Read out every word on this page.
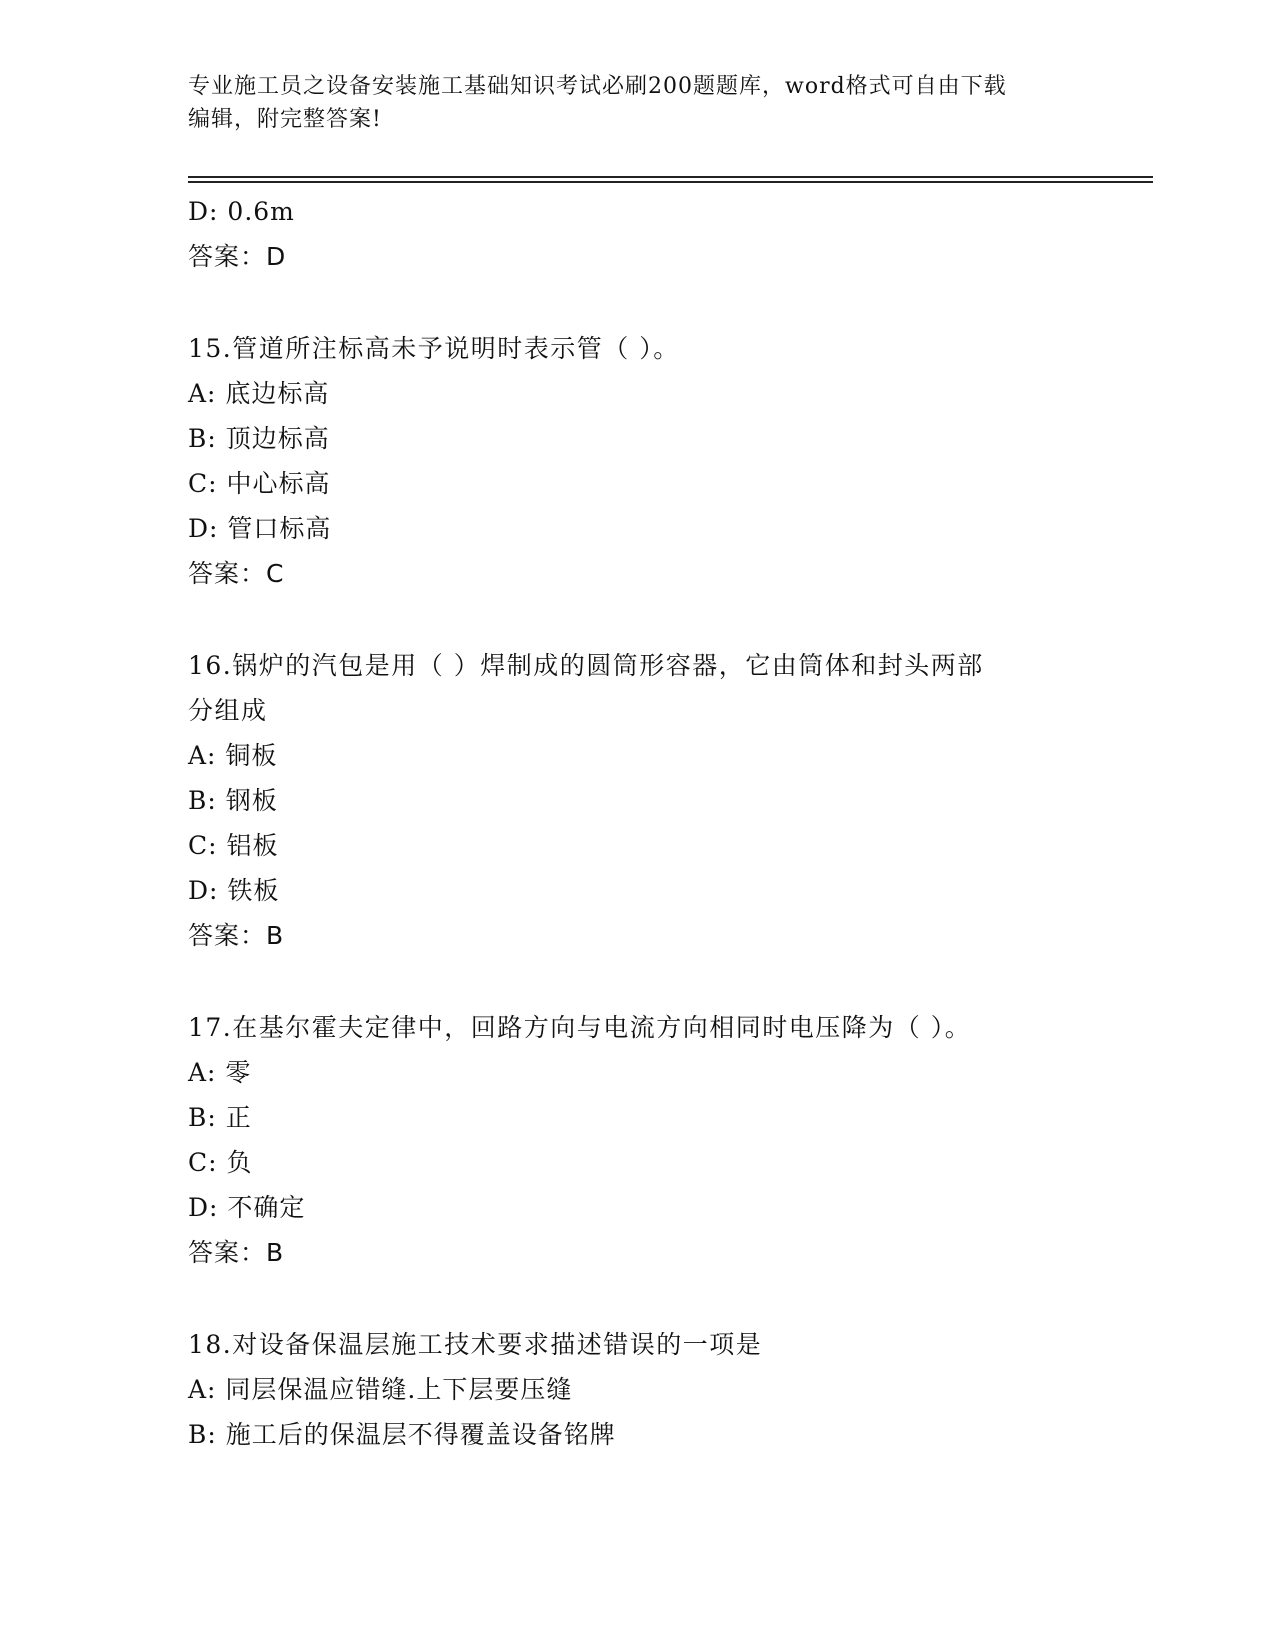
专业施工员之设备安装施工基础知识考试必刷200题题库，word格式可自由下载
编辑，附完整答案!
D: 0.6m
答案：D
15.管道所注标高未予说明时表示管（ ）。
A: 底边标高
B: 顶边标高
C: 中心标高
D: 管口标高
答案：C
16.锅炉的汽包是用（ ）焊制成的圆筒形容器，它由筒体和封头两部
分组成
A: 铜板
B: 钢板
C: 铝板
D: 铁板
答案：B
17.在基尔霍夫定律中，回路方向与电流方向相同时电压降为（ ）。
A: 零
B: 正
C: 负
D: 不确定
答案：B
18.对设备保温层施工技术要求描述错误的一项是
A: 同层保温应错缝.上下层要压缝
B: 施工后的保温层不得覆盖设备铭牌
